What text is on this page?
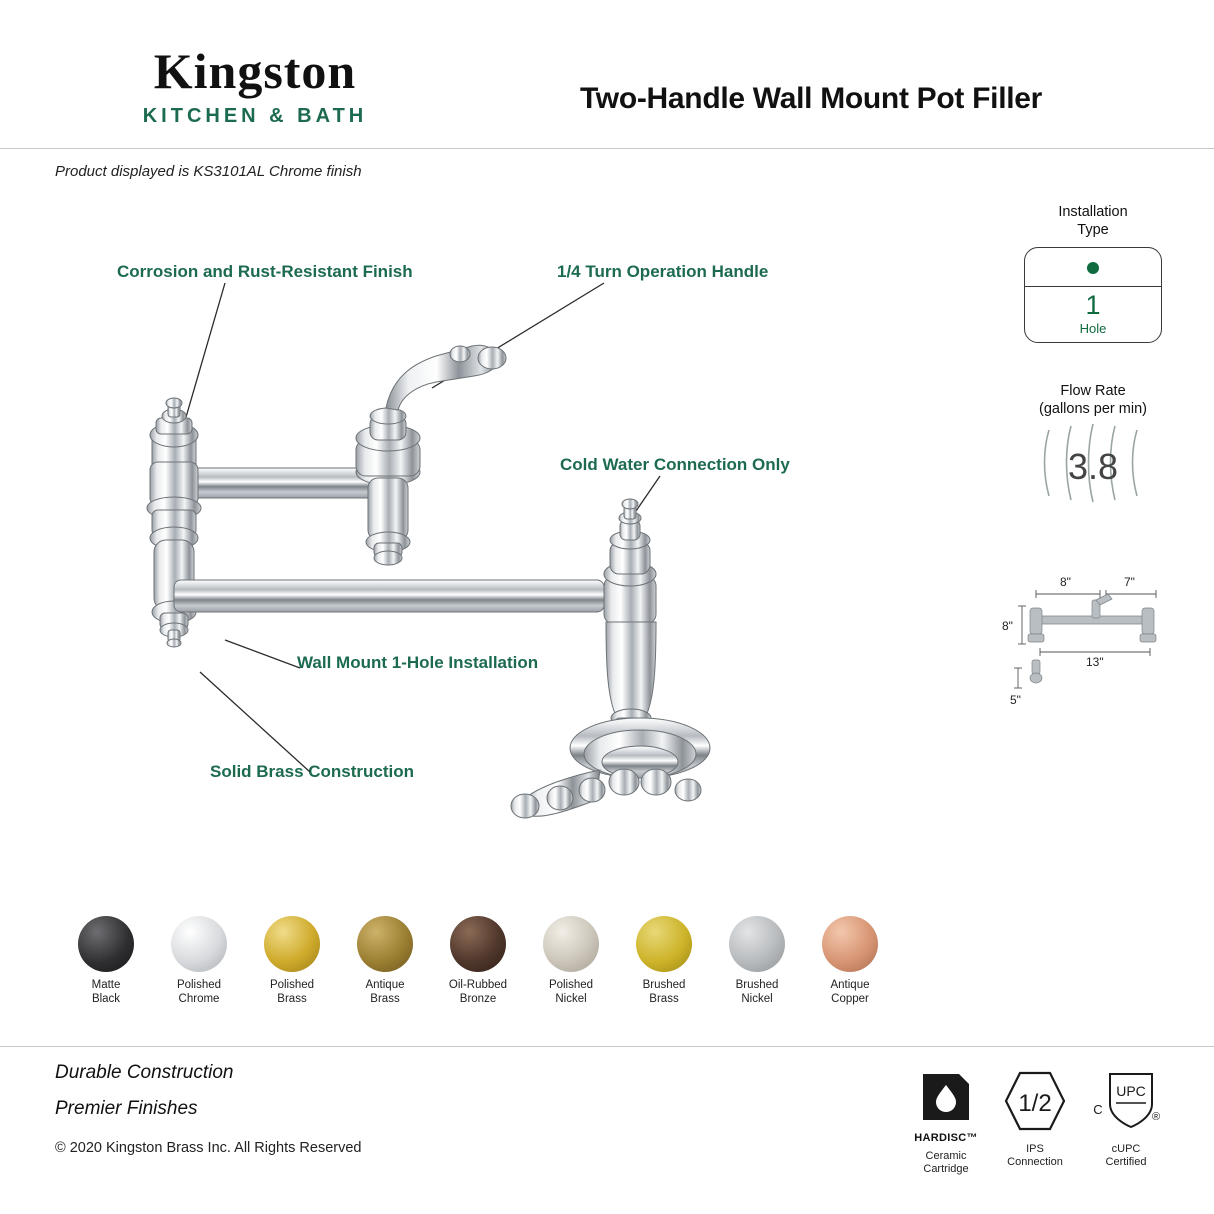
Kingston
KITCHEN & BATH
Two-Handle Wall Mount Pot Filler
Product displayed is KS3101AL Chrome finish
Corrosion and Rust-Resistant Finish	1/4 Turn Operation Handle
Cold Water Connection Only
Wall Mount 1-Hole Installation
Solid Brass Construction
Installation
Type
1
Hole
Flow Rate
(gallons per min)
3.8
8"	7"
8"
13"
5"
Matte
Black
Polished
Chrome
Polished
Brass
Antique
Brass
Oil-Rubbed
Bronze
Polished
Nickel
Brushed
Brass
Brushed
Nickel
Antique
Copper
Durable Construction
Premier Finishes
© 2020 Kingston Brass Inc. All Rights Reserved
HARDISC™
Ceramic
Cartridge
1/2
IPS
Connection
UPC
C	®
cUPC
Certified
